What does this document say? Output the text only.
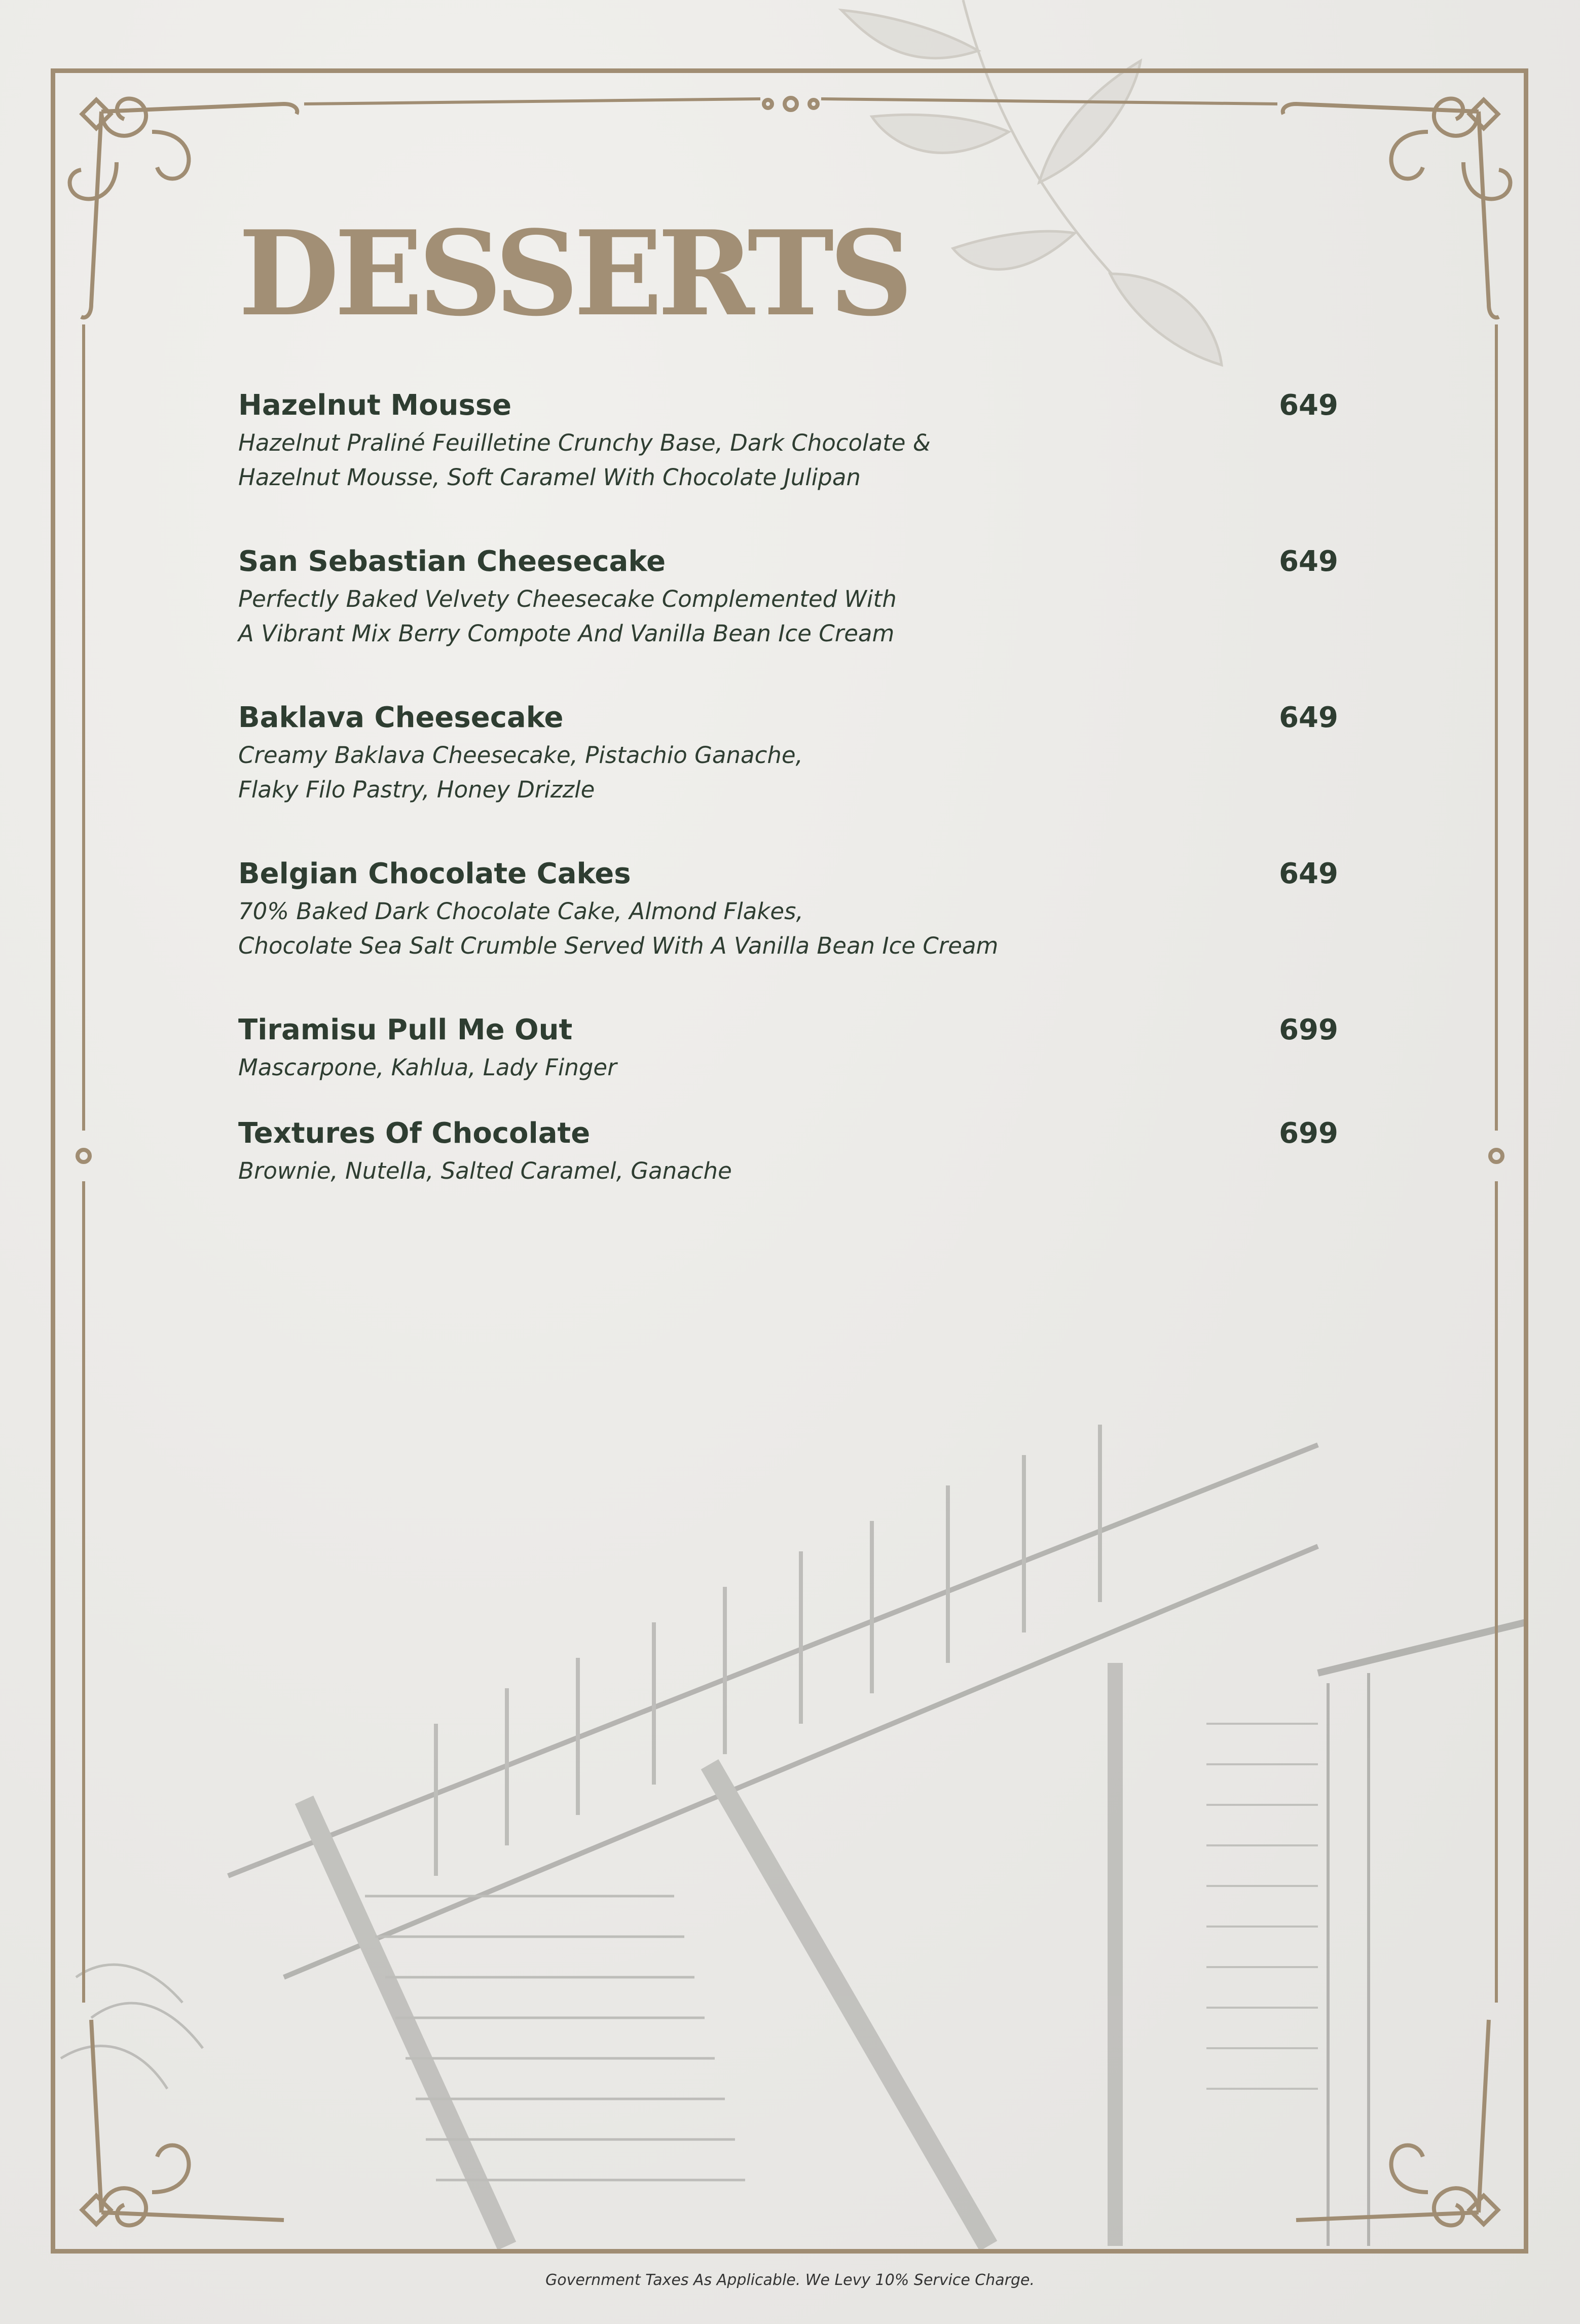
DESSERTS
Hazelnut Mousse	649
Hazelnut Praliné Feuilletine Crunchy Base, Dark Chocolate &
Hazelnut Mousse, Soft Caramel With Chocolate Julipan
San Sebastian Cheesecake	649
Perfectly Baked Velvety Cheesecake Complemented With
A Vibrant Mix Berry Compote And Vanilla Bean Ice Cream
Baklava Cheesecake	649
Creamy Baklava Cheesecake, Pistachio Ganache,
Flaky Filo Pastry, Honey Drizzle
Belgian Chocolate Cakes	649
70% Baked Dark Chocolate Cake, Almond Flakes,
Chocolate Sea Salt Crumble Served With A Vanilla Bean Ice Cream
Tiramisu Pull Me Out	699
Mascarpone, Kahlua, Lady Finger
Textures Of Chocolate	699
Brownie, Nutella, Salted Caramel, Ganache
Government Taxes As Applicable. We Levy 10% Service Charge.
